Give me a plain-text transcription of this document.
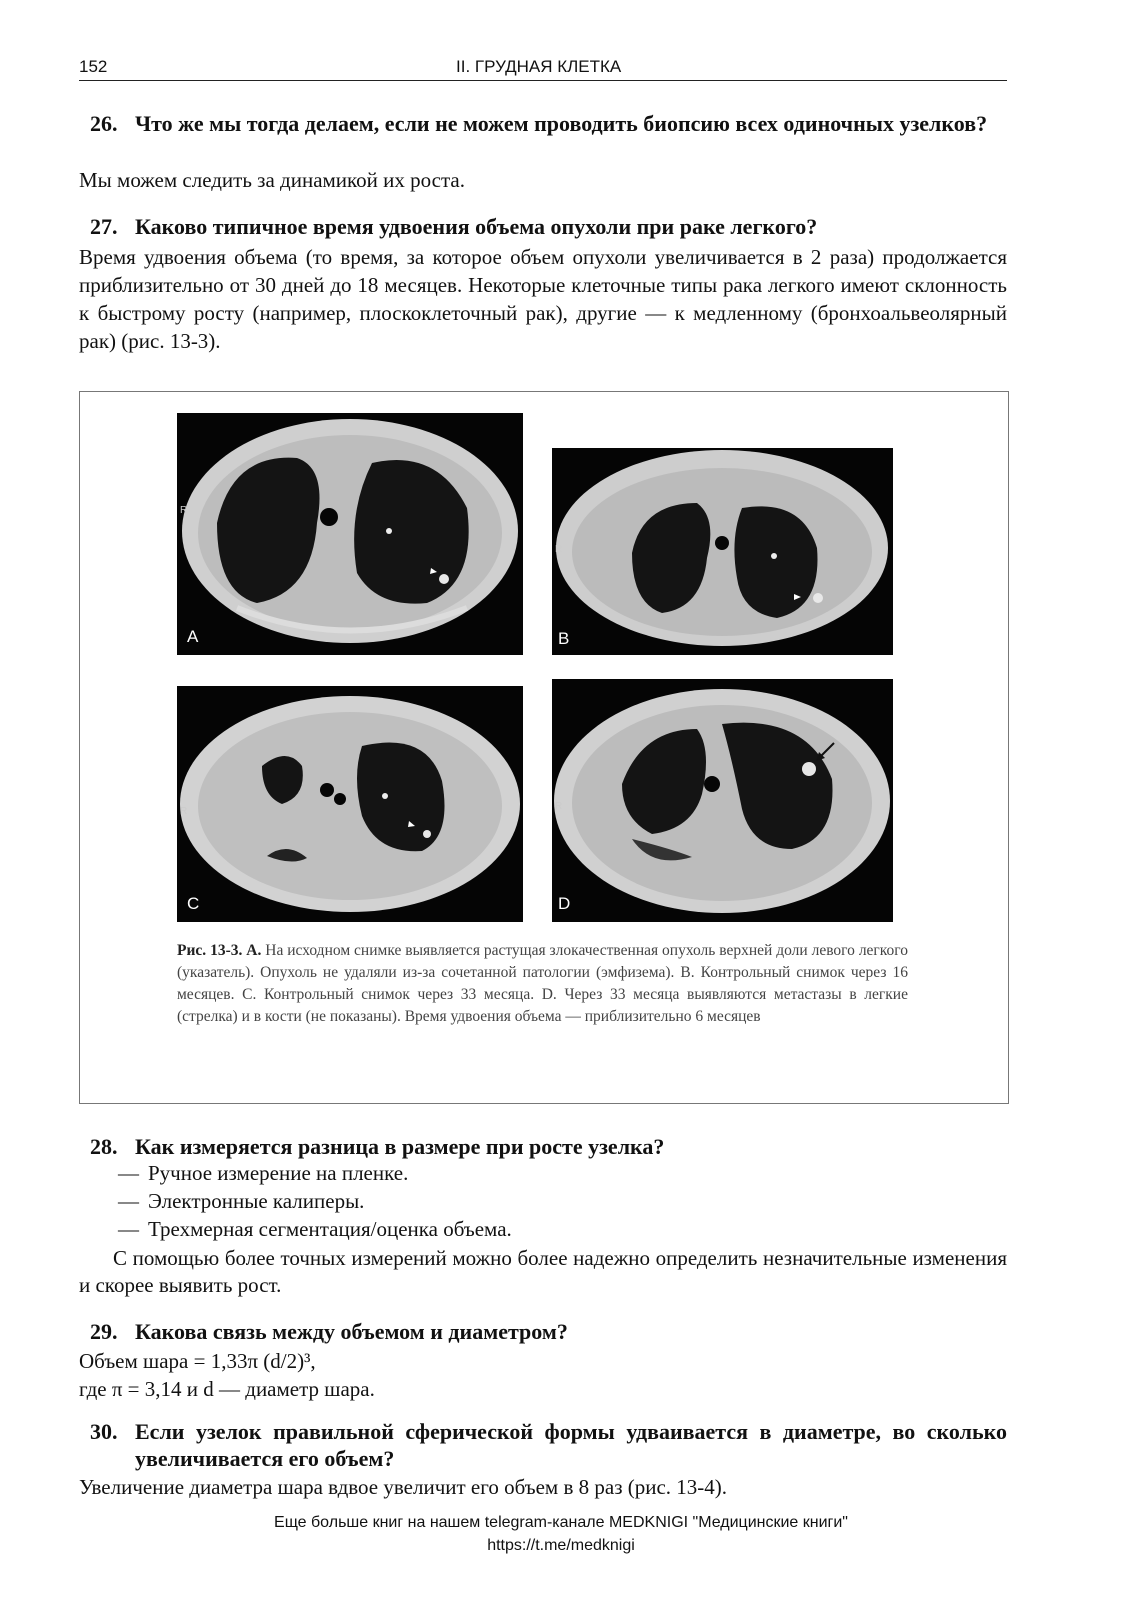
152	II. ГРУДНАЯ КЛЕТКА
26. Что же мы тогда делаем, если не можем проводить биопсию всех одиночных узелков?
Мы можем следить за динамикой их роста.
27. Каково типичное время удвоения объема опухоли при раке легкого?
Время удвоения объема (то время, за которое объем опухоли увеличивается в 2 раза) продолжается приблизительно от 30 дней до 18 месяцев. Некоторые клеточные типы рака легкого имеют склонность к быстрому росту (например, плоскоклеточный рак), другие — к медленному (бронхоальвеолярный рак) (рис. 13-3).
R
A
R
B
R
C
R
D
Рис. 13-3. A. На исходном снимке выявляется растущая злокачественная опухоль верхней доли левого легкого (указатель). Опухоль не удаляли из-за сочетанной патологии (эмфизема). B. Контрольный снимок через 16 месяцев. C. Контрольный снимок через 33 месяца. D. Через 33 месяца выявляются метастазы в легкие (стрелка) и в кости (не показаны). Время удвоения объема — приблизительно 6 месяцев
28. Как измеряется разница в размере при росте узелка?
— Ручное измерение на пленке.
— Электронные калиперы.
— Трехмерная сегментация/оценка объема.
С помощью более точных измерений можно более надежно определить незначительные изменения и скорее выявить рост.
29. Какова связь между объемом и диаметром?
Объем шара = 1,33π (d/2)³,
где π = 3,14 и d — диаметр шара.
30. Если узелок правильной сферической формы удваивается в диаметре, во сколько увеличивается его объем?
Увеличение диаметра шара вдвое увеличит его объем в 8 раз (рис. 13-4).
Еще больше книг на нашем telegram-канале MEDKNIGI "Медицинские книги"
https://t.me/medknigi
